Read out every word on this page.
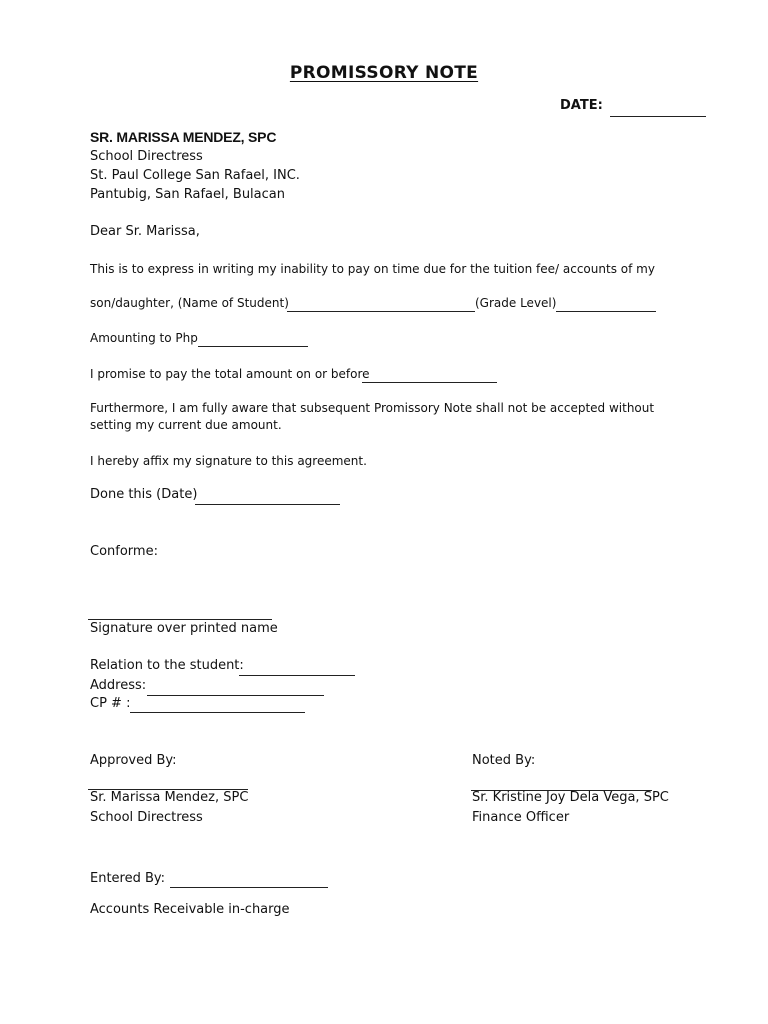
PROMISSORY NOTE
DATE:
SR. MARISSA MENDEZ, SPC
School Directress
St. Paul College San Rafael, INC.
Pantubig, San Rafael, Bulacan
Dear Sr. Marissa,
This is to express in writing my inability to pay on time due for the tuition fee/ accounts of my
son/daughter, (Name of Student)	(Grade Level)
Amounting to Php
I promise to pay the total amount on or before
Furthermore, I am fully aware that subsequent Promissory Note shall not be accepted without setting my current due amount.
I hereby affix my signature to this agreement.
Done this (Date)
Conforme:
Signature over printed name
Relation to the student:
Address:
CP # :
Approved By:
Sr. Marissa Mendez, SPC
School Directress
Noted By:
Sr. Kristine Joy Dela Vega, SPC
Finance Officer
Entered By:
Accounts Receivable in-charge
